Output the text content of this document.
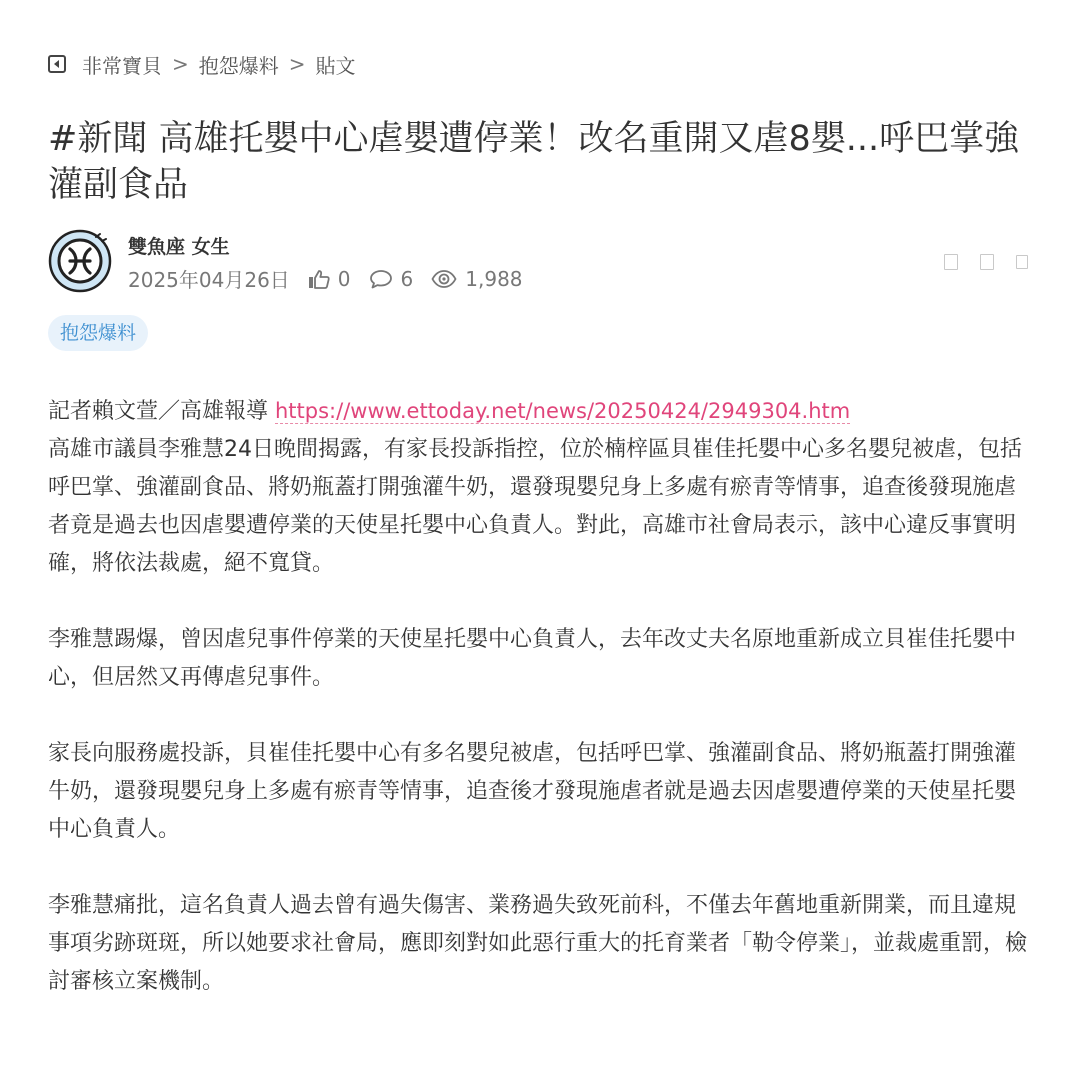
非常寶貝 > 抱怨爆料 > 貼文
#新聞 高雄托嬰中心虐嬰遭停業！改名重開又虐8嬰...呼巴掌強灌副食品
雙魚座 女生
2025年04月26日 0	6	1,988
抱怨爆料

記者賴文萱／高雄報導 https://www.ettoday.net/news/20250424/2949304.htm
高雄市議員李雅慧24日晚間揭露，有家長投訴指控，位於楠梓區貝崔佳托嬰中心多名嬰兒被虐，包括呼巴掌、強灌副食品、將奶瓶蓋打開強灌牛奶，還發現嬰兒身上多處有瘀青等情事，追查後發現施虐者竟是過去也因虐嬰遭停業的天使星托嬰中心負責人。對此，高雄市社會局表示，該中心違反事實明確，將依法裁處，絕不寬貸。

李雅慧踢爆，曾因虐兒事件停業的天使星托嬰中心負責人，去年改丈夫名原地重新成立貝崔佳托嬰中心，但居然又再傳虐兒事件。

家長向服務處投訴，貝崔佳托嬰中心有多名嬰兒被虐，包括呼巴掌、強灌副食品、將奶瓶蓋打開強灌牛奶，還發現嬰兒身上多處有瘀青等情事，追查後才發現施虐者就是過去因虐嬰遭停業的天使星托嬰中心負責人。

李雅慧痛批，這名負責人過去曾有過失傷害、業務過失致死前科，不僅去年舊地重新開業，而且違規事項劣跡斑斑，所以她要求社會局，應即刻對如此惡行重大的托育業者「勒令停業」，並裁處重罰，檢討審核立案機制。
